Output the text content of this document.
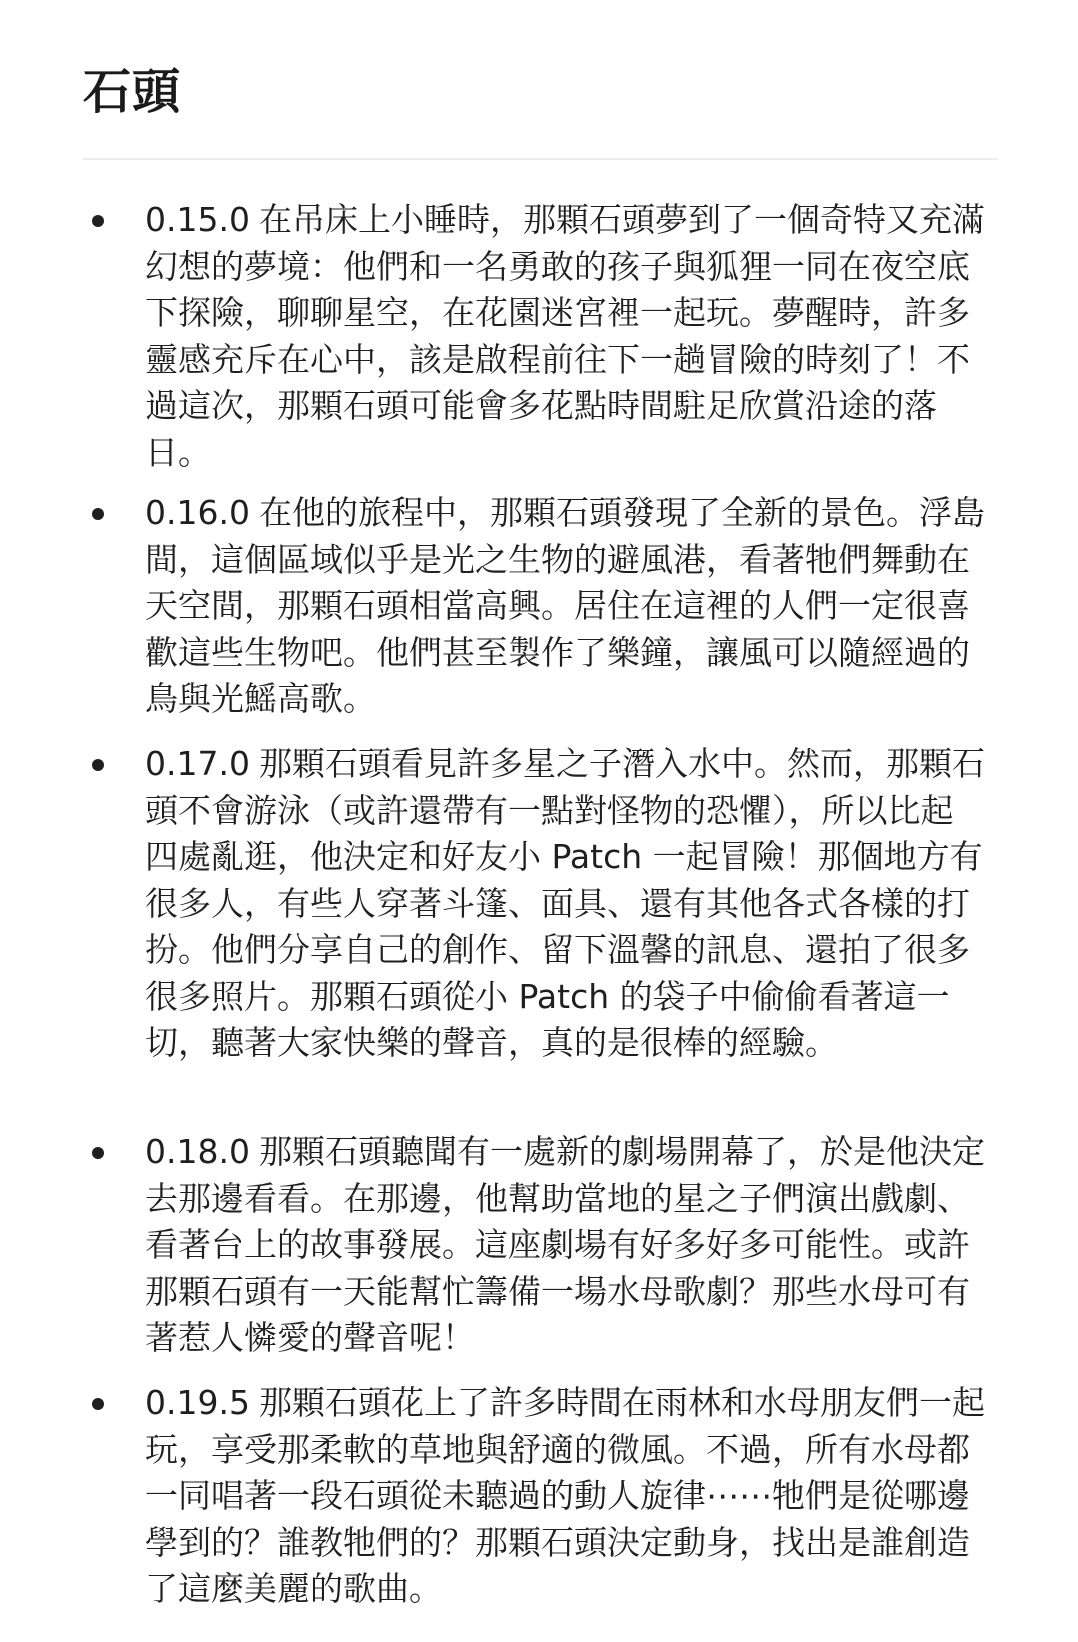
石頭
0.15.0 在吊床上小睡時，那顆石頭夢到了一個奇特又充滿幻想的夢境：他們和一名勇敢的孩子與狐狸一同在夜空底下探險，聊聊星空，在花園迷宮裡一起玩。夢醒時，許多靈感充斥在心中，該是啟程前往下一趟冒險的時刻了！不過這次，那顆石頭可能會多花點時間駐足欣賞沿途的落日。
0.16.0 在他的旅程中，那顆石頭發現了全新的景色。浮島間，這個區域似乎是光之生物的避風港，看著牠們舞動在天空間，那顆石頭相當高興。居住在這裡的人們一定很喜歡這些生物吧。他們甚至製作了樂鐘，讓風可以隨經過的鳥與光鰩高歌。
0.17.0 那顆石頭看見許多星之子潛入水中。然而，那顆石頭不會游泳（或許還帶有一點對怪物的恐懼），所以比起四處亂逛，他決定和好友小 Patch 一起冒險！那個地方有很多人，有些人穿著斗篷、面具、還有其他各式各樣的打扮。他們分享自己的創作、留下溫馨的訊息、還拍了很多很多照片。那顆石頭從小 Patch 的袋子中偷偷看著這一切，聽著大家快樂的聲音，真的是很棒的經驗。
0.18.0 那顆石頭聽聞有一處新的劇場開幕了，於是他決定去那邊看看。在那邊，他幫助當地的星之子們演出戲劇、看著台上的故事發展。這座劇場有好多好多可能性。或許那顆石頭有一天能幫忙籌備一場水母歌劇？那些水母可有著惹人憐愛的聲音呢！
0.19.5 那顆石頭花上了許多時間在雨林和水母朋友們一起玩，享受那柔軟的草地與舒適的微風。不過，所有水母都一同唱著一段石頭從未聽過的動人旋律⋯⋯牠們是從哪邊學到的？誰教牠們的？那顆石頭決定動身，找出是誰創造了這麼美麗的歌曲。
